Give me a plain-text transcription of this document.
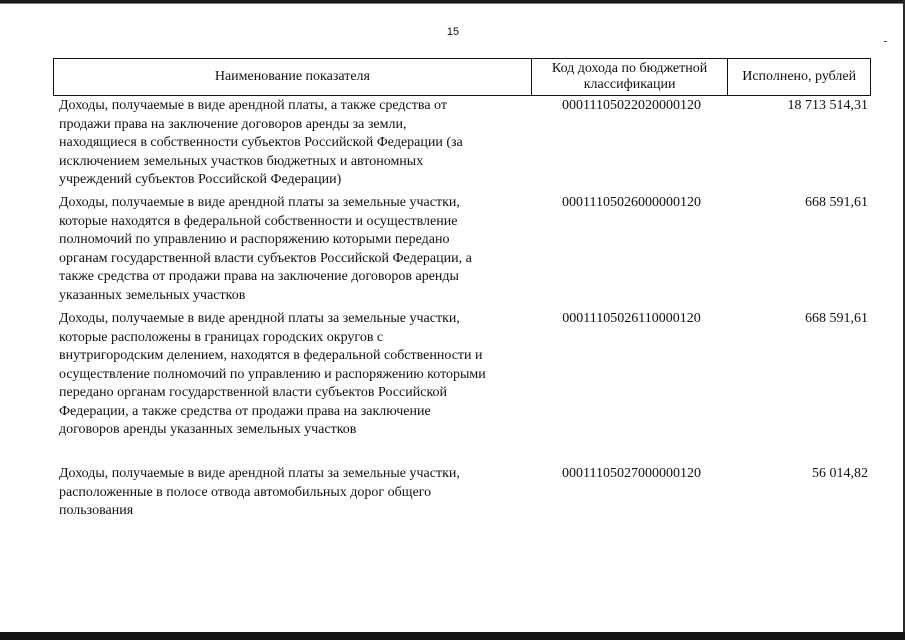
15
Наименование показателя
Код дохода по бюджетной
классификации
Исполнено, рублей
Доходы, получаемые в виде арендной платы, а также средства от
продажи права на заключение договоров аренды за земли,
находящиеся в собственности субъектов Российской Федерации (за
исключением земельных участков бюджетных и автономных
учреждений субъектов Российской Федерации)
00011105022020000120	18 713 514,31
Доходы, получаемые в виде арендной платы за земельные участки,
которые находятся в федеральной собственности и осуществление
полномочий по управлению и распоряжению которыми передано
органам государственной власти субъектов Российской Федерации, а
также средства от продажи права на заключение договоров аренды
указанных земельных участков
00011105026000000120	668 591,61
Доходы, получаемые в виде арендной платы за земельные участки,
которые расположены в границах городских округов с
внутригородским делением, находятся в федеральной собственности и
осуществление полномочий по управлению и распоряжению которыми
передано органам государственной власти субъектов Российской
Федерации, а также средства от продажи права на заключение
договоров аренды указанных земельных участков
00011105026110000120	668 591,61
Доходы, получаемые в виде арендной платы за земельные участки,
расположенные в полосе отвода автомобильных дорог общего
пользования
00011105027000000120	56 014,82
